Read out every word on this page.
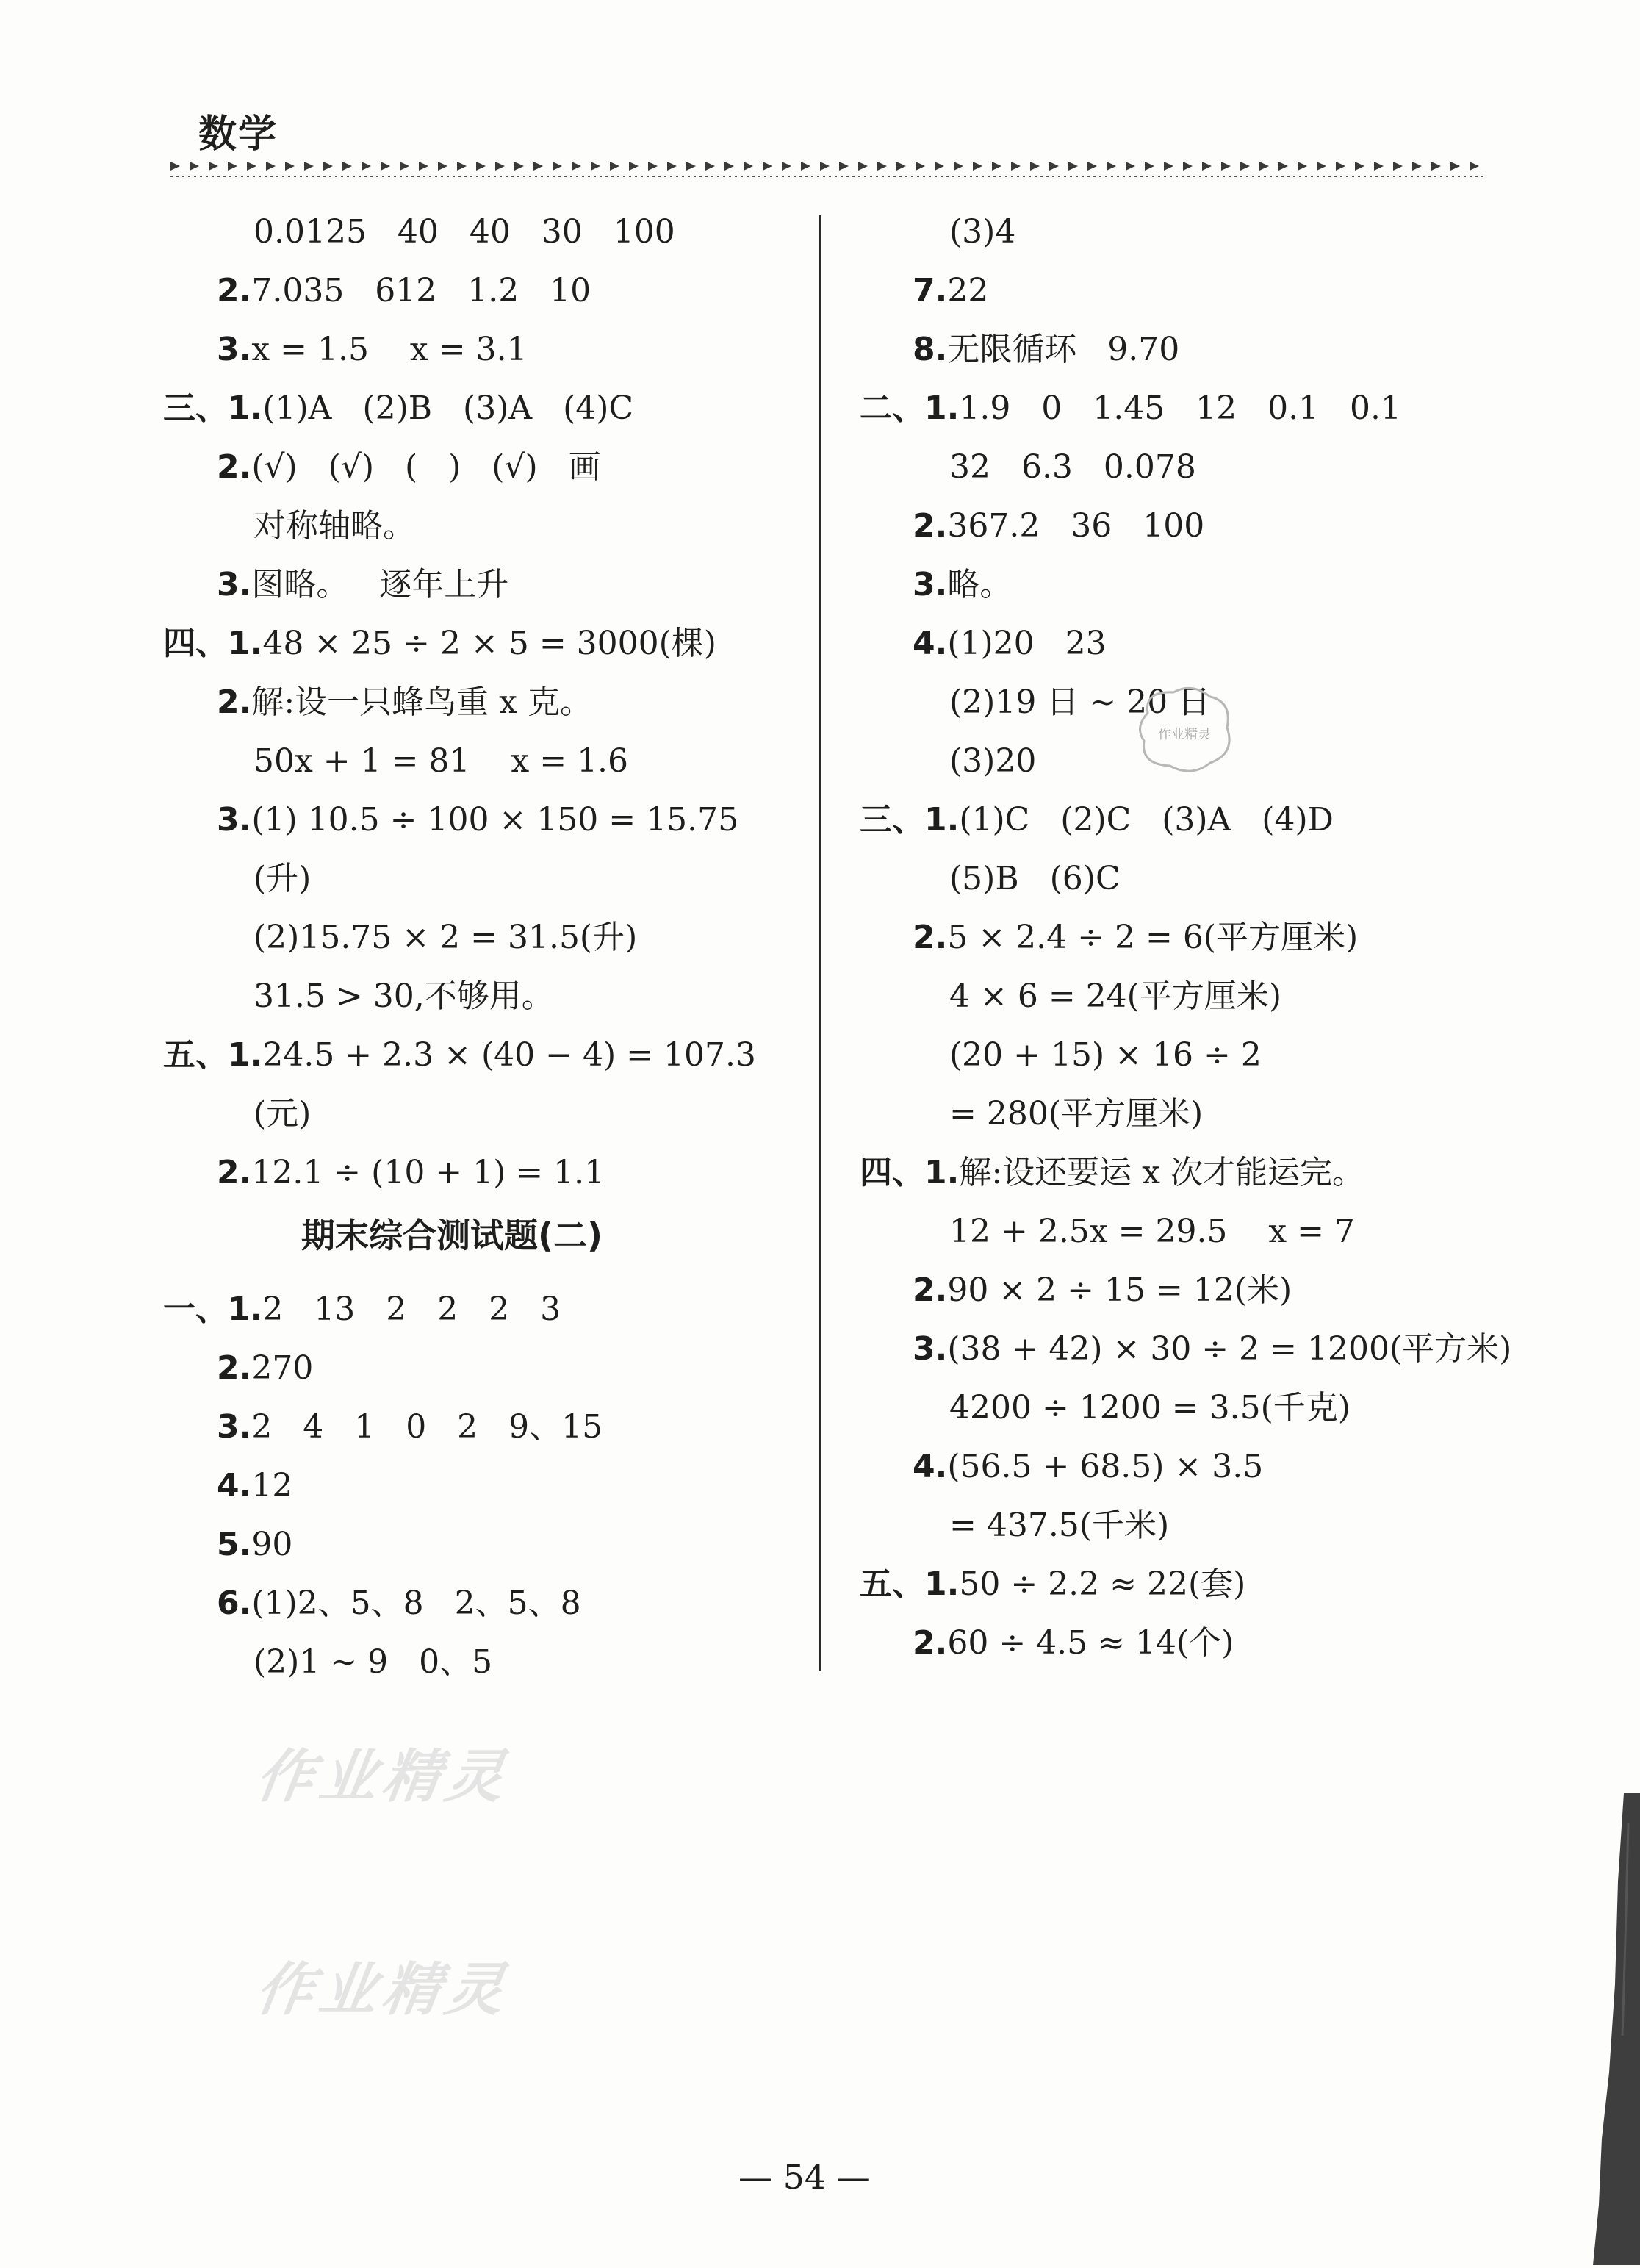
数学
0.0125   40   40   30   100
2.7.035   612   1.2   10
3.x = 1.5    x = 3.1
三、1.(1)A   (2)B   (3)A   (4)C
2.(√)   (√)   (   )   (√)   画
对称轴略。
3.图略。   逐年上升
四、1.48 × 25 ÷ 2 × 5 = 3000(棵)
2.解:设一只蜂鸟重 x 克。
50x + 1 = 81    x = 1.6
3.(1) 10.5 ÷ 100 × 150 = 15.75
(升)
(2)15.75 × 2 = 31.5(升)
31.5 > 30,不够用。
五、1.24.5 + 2.3 × (40 − 4) = 107.3
(元)
2.12.1 ÷ (10 + 1) = 1.1
一、1.2   13   2   2   2   3
2.270
3.2   4   1   0   2   9、15
4.12
5.90
6.(1)2、5、8   2、5、8
(2)1 ~ 9   0、5
期末综合测试题(二)
(3)4
7.22
8.无限循环   9.70
二、1.1.9   0   1.45   12   0.1   0.1
32   6.3   0.078
2.367.2   36   100
3.略。
4.(1)20   23
(2)19 日 ~ 20 日
(3)20
三、1.(1)C   (2)C   (3)A   (4)D
(5)B   (6)C
2.5 × 2.4 ÷ 2 = 6(平方厘米)
4 × 6 = 24(平方厘米)
(20 + 15) × 16 ÷ 2
= 280(平方厘米)
四、1.解:设还要运 x 次才能运完。
12 + 2.5x = 29.5    x = 7
2.90 × 2 ÷ 15 = 12(米)
3.(38 + 42) × 30 ÷ 2 = 1200(平方米)
4200 ÷ 1200 = 3.5(千克)
4.(56.5 + 68.5) × 3.5
= 437.5(千米)
五、1.50 ÷ 2.2 ≈ 22(套)
2.60 ÷ 4.5 ≈ 14(个)
作业精灵
作业精灵
作业精灵
— 54 —
